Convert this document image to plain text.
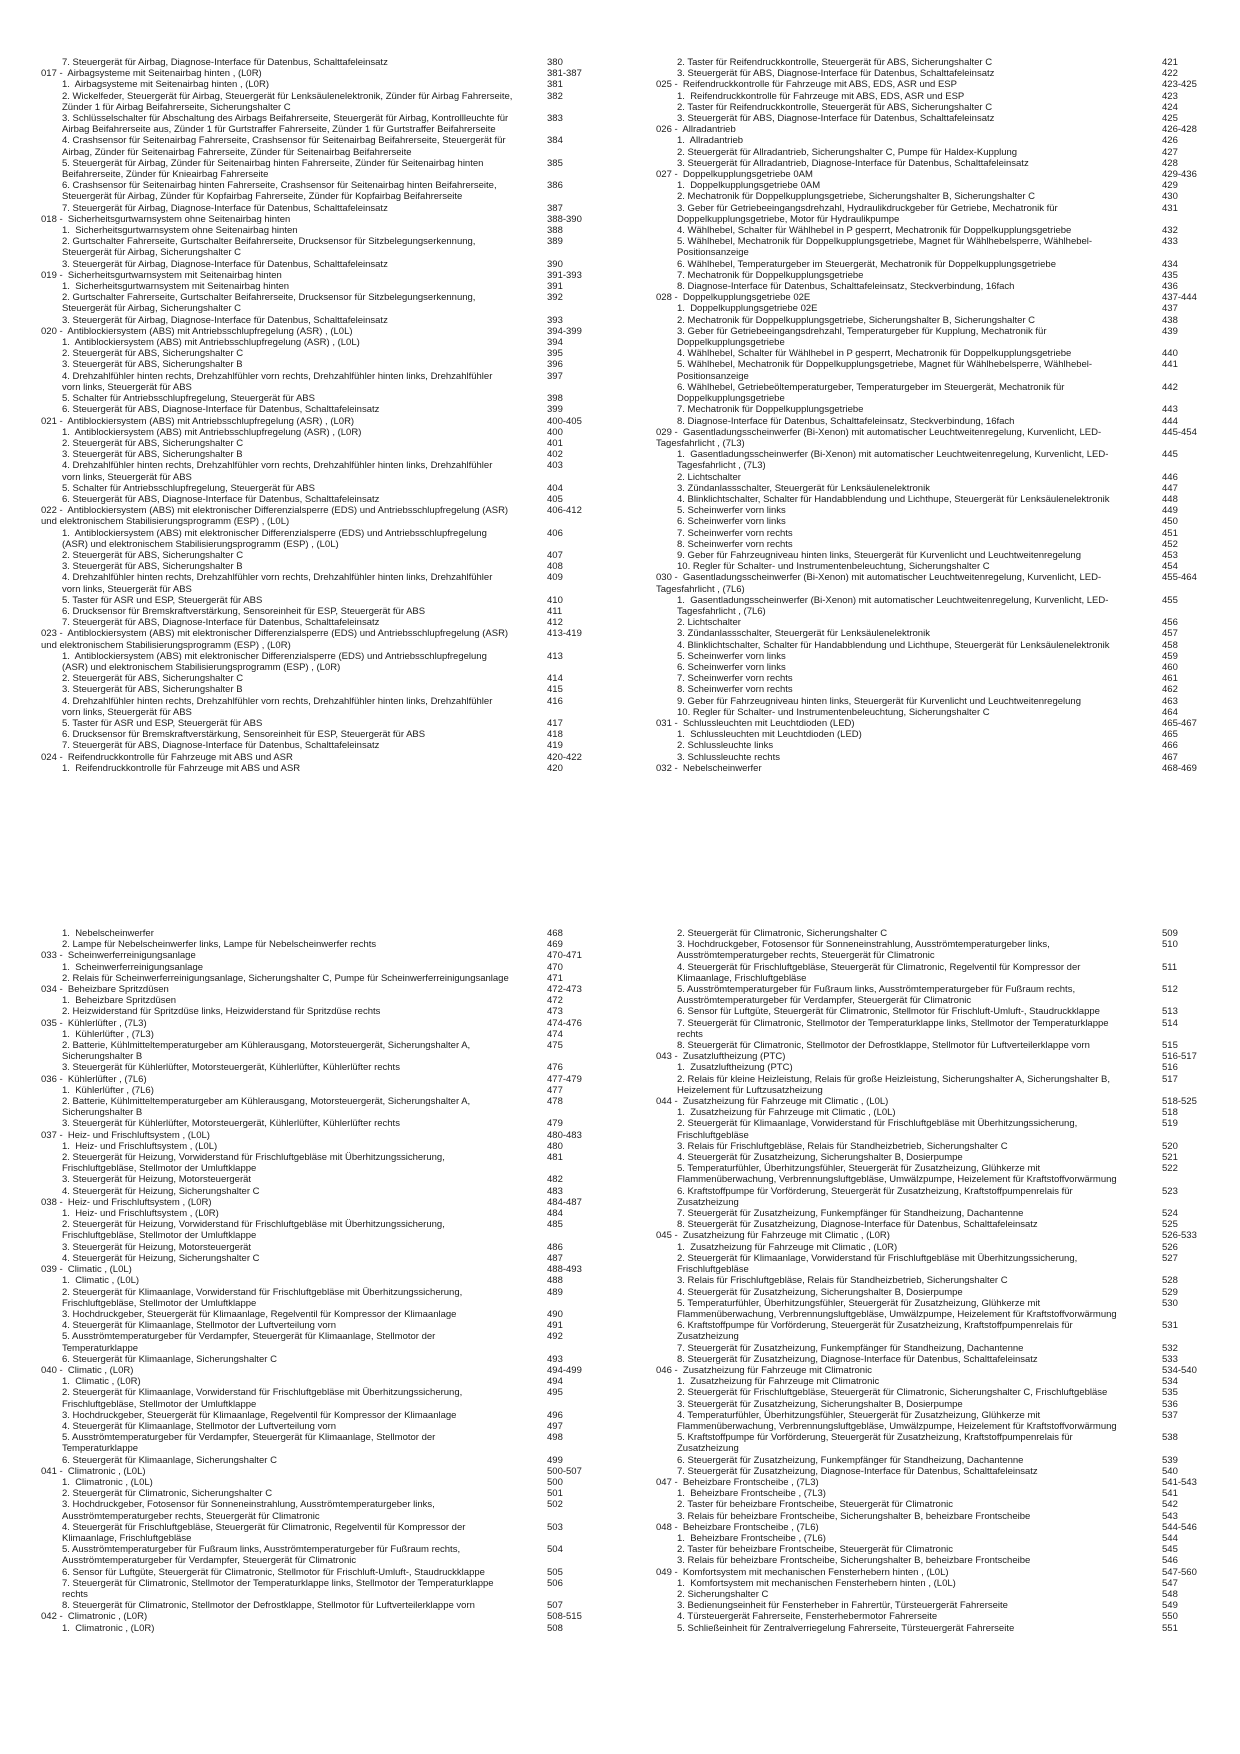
7. Steuergerät für Airbag, Diagnose-Interface für Datenbus, Schalttafeleinsatz	380
017 -  Airbagsysteme mit Seitenairbag hinten , (L0R)	381-387
1.  Airbagsysteme mit Seitenairbag hinten , (L0R)	381
2. Wickelfeder, Steuergerät für Airbag, Steuergerät für Lenksäulenelektronik, Zünder für Airbag Fahrerseite, Zünder 1 für Airbag Beifahrerseite, Sicherungshalter C
382
3. Schlüsselschalter für Abschaltung des Airbags Beifahrerseite, Steuergerät für Airbag, Kontrollleuchte für Airbag Beifahrerseite aus, Zünder 1 für Gurtstraffer Fahrerseite, Zünder 1 für Gurtstraffer Beifahrerseite
383
4. Crashsensor für Seitenairbag Fahrerseite, Crashsensor für Seitenairbag Beifahrerseite, Steuergerät für Airbag, Zünder für Seitenairbag Fahrerseite, Zünder für Seitenairbag Beifahrerseite
384
5. Steuergerät für Airbag, Zünder für Seitenairbag hinten Fahrerseite, Zünder für Seitenairbag hinten Beifahrerseite, Zünder für Knieairbag Fahrerseite
385
6. Crashsensor für Seitenairbag hinten Fahrerseite, Crashsensor für Seitenairbag hinten Beifahrerseite, Steuergerät für Airbag, Zünder für Kopfairbag Fahrerseite, Zünder für Kopfairbag Beifahrerseite
386
7. Steuergerät für Airbag, Diagnose-Interface für Datenbus, Schalttafeleinsatz	387
018 -  Sicherheitsgurtwarnsystem ohne Seitenairbag hinten	388-390
1.  Sicherheitsgurtwarnsystem ohne Seitenairbag hinten	388
2. Gurtschalter Fahrerseite, Gurtschalter Beifahrerseite, Drucksensor für Sitzbelegungserkennung, Steuergerät für Airbag, Sicherungshalter C
389
3. Steuergerät für Airbag, Diagnose-Interface für Datenbus, Schalttafeleinsatz	390
019 -  Sicherheitsgurtwarnsystem mit Seitenairbag hinten	391-393
1.  Sicherheitsgurtwarnsystem mit Seitenairbag hinten	391
2. Gurtschalter Fahrerseite, Gurtschalter Beifahrerseite, Drucksensor für Sitzbelegungserkennung, Steuergerät für Airbag, Sicherungshalter C
392
3. Steuergerät für Airbag, Diagnose-Interface für Datenbus, Schalttafeleinsatz	393
020 -  Antiblockiersystem (ABS) mit Antriebsschlupfregelung (ASR) , (L0L)	394-399
1.  Antiblockiersystem (ABS) mit Antriebsschlupfregelung (ASR) , (L0L)	394
2. Steuergerät für ABS, Sicherungshalter C	395
3. Steuergerät für ABS, Sicherungshalter B	396
4. Drehzahlfühler hinten rechts, Drehzahlfühler vorn rechts, Drehzahlfühler hinten links, Drehzahlfühler vorn links, Steuergerät für ABS
397
5. Schalter für Antriebsschlupfregelung, Steuergerät für ABS	398
6. Steuergerät für ABS, Diagnose-Interface für Datenbus, Schalttafeleinsatz	399
021 -  Antiblockiersystem (ABS) mit Antriebsschlupfregelung (ASR) , (L0R)	400-405
1.  Antiblockiersystem (ABS) mit Antriebsschlupfregelung (ASR) , (L0R)	400
2. Steuergerät für ABS, Sicherungshalter C	401
3. Steuergerät für ABS, Sicherungshalter B	402
4. Drehzahlfühler hinten rechts, Drehzahlfühler vorn rechts, Drehzahlfühler hinten links, Drehzahlfühler vorn links, Steuergerät für ABS
403
5. Schalter für Antriebsschlupfregelung, Steuergerät für ABS	404
6. Steuergerät für ABS, Diagnose-Interface für Datenbus, Schalttafeleinsatz	405
022 -  Antiblockiersystem (ABS) mit elektronischer Differenzialsperre (EDS) und Antriebsschlupfregelung (ASR) und elektronischem Stabilisierungsprogramm (ESP) , (L0L)
406-412
1.  Antiblockiersystem (ABS) mit elektronischer Differenzialsperre (EDS) und Antriebsschlupfregelung (ASR) und elektronischem Stabilisierungsprogramm (ESP) , (L0L)
406
2. Steuergerät für ABS, Sicherungshalter C	407
3. Steuergerät für ABS, Sicherungshalter B	408
4. Drehzahlfühler hinten rechts, Drehzahlfühler vorn rechts, Drehzahlfühler hinten links, Drehzahlfühler vorn links, Steuergerät für ABS
409
5. Taster für ASR und ESP, Steuergerät für ABS	410
6. Drucksensor für Bremskraftverstärkung, Sensoreinheit für ESP, Steuergerät für ABS	411
7. Steuergerät für ABS, Diagnose-Interface für Datenbus, Schalttafeleinsatz	412
023 -  Antiblockiersystem (ABS) mit elektronischer Differenzialsperre (EDS) und Antriebsschlupfregelung (ASR) und elektronischem Stabilisierungsprogramm (ESP) , (L0R)
413-419
1.  Antiblockiersystem (ABS) mit elektronischer Differenzialsperre (EDS) und Antriebsschlupfregelung (ASR) und elektronischem Stabilisierungsprogramm (ESP) , (L0R)
413
2. Steuergerät für ABS, Sicherungshalter C	414
3. Steuergerät für ABS, Sicherungshalter B	415
4. Drehzahlfühler hinten rechts, Drehzahlfühler vorn rechts, Drehzahlfühler hinten links, Drehzahlfühler vorn links, Steuergerät für ABS
416
5. Taster für ASR und ESP, Steuergerät für ABS	417
6. Drucksensor für Bremskraftverstärkung, Sensoreinheit für ESP, Steuergerät für ABS	418
7. Steuergerät für ABS, Diagnose-Interface für Datenbus, Schalttafeleinsatz	419
024 -  Reifendruckkontrolle für Fahrzeuge mit ABS und ASR	420-422
1.  Reifendruckkontrolle für Fahrzeuge mit ABS und ASR	420
2. Taster für Reifendruckkontrolle, Steuergerät für ABS, Sicherungshalter C	421
3. Steuergerät für ABS, Diagnose-Interface für Datenbus, Schalttafeleinsatz	422
025 -  Reifendruckkontrolle für Fahrzeuge mit ABS, EDS, ASR und ESP	423-425
1.  Reifendruckkontrolle für Fahrzeuge mit ABS, EDS, ASR und ESP	423
2. Taster für Reifendruckkontrolle, Steuergerät für ABS, Sicherungshalter C	424
3. Steuergerät für ABS, Diagnose-Interface für Datenbus, Schalttafeleinsatz	425
026 -  Allradantrieb	426-428
1.  Allradantrieb	426
2. Steuergerät für Allradantrieb, Sicherungshalter C, Pumpe für Haldex-Kupplung	427
3. Steuergerät für Allradantrieb, Diagnose-Interface für Datenbus, Schalttafeleinsatz	428
027 -  Doppelkupplungsgetriebe 0AM	429-436
1.  Doppelkupplungsgetriebe 0AM	429
2. Mechatronik für Doppelkupplungsgetriebe, Sicherungshalter B, Sicherungshalter C	430
3. Geber für Getriebeeingangsdrehzahl, Hydraulikdruckgeber für Getriebe, Mechatronik für Doppelkupplungsgetriebe, Motor für Hydraulikpumpe
431
4. Wählhebel, Schalter für Wählhebel in P gesperrt, Mechatronik für Doppelkupplungsgetriebe	432
5. Wählhebel, Mechatronik für Doppelkupplungsgetriebe, Magnet für Wählhebelsperre, Wählhebel-Positionsanzeige
433
6. Wählhebel, Temperaturgeber im Steuergerät, Mechatronik für Doppelkupplungsgetriebe	434
7. Mechatronik für Doppelkupplungsgetriebe	435
8. Diagnose-Interface für Datenbus, Schalttafeleinsatz, Steckverbindung, 16fach	436
028 -  Doppelkupplungsgetriebe 02E	437-444
1.  Doppelkupplungsgetriebe 02E	437
2. Mechatronik für Doppelkupplungsgetriebe, Sicherungshalter B, Sicherungshalter C	438
3. Geber für Getriebeeingangsdrehzahl, Temperaturgeber für Kupplung, Mechatronik für Doppelkupplungsgetriebe
439
4. Wählhebel, Schalter für Wählhebel in P gesperrt, Mechatronik für Doppelkupplungsgetriebe	440
5. Wählhebel, Mechatronik für Doppelkupplungsgetriebe, Magnet für Wählhebelsperre, Wählhebel-Positionsanzeige
441
6. Wählhebel, Getriebeöltemperaturgeber, Temperaturgeber im Steuergerät, Mechatronik für Doppelkupplungsgetriebe
442
7. Mechatronik für Doppelkupplungsgetriebe	443
8. Diagnose-Interface für Datenbus, Schalttafeleinsatz, Steckverbindung, 16fach	444
029 -  Gasentladungsscheinwerfer (Bi-Xenon) mit automatischer Leuchtweitenregelung, Kurvenlicht, LED-Tagesfahrlicht , (7L3)
445-454
1.  Gasentladungsscheinwerfer (Bi-Xenon) mit automatischer Leuchtweitenregelung, Kurvenlicht, LED-Tagesfahrlicht , (7L3)
445
2. Lichtschalter	446
3. Zündanlassschalter, Steuergerät für Lenksäulenelektronik	447
4. Blinklichtschalter, Schalter für Handabblendung und Lichthupe, Steuergerät für Lenksäulenelektronik	448
5. Scheinwerfer vorn links	449
6. Scheinwerfer vorn links	450
7. Scheinwerfer vorn rechts	451
8. Scheinwerfer vorn rechts	452
9. Geber für Fahrzeugniveau hinten links, Steuergerät für Kurvenlicht und Leuchtweitenregelung	453
10. Regler für Schalter- und Instrumentenbeleuchtung, Sicherungshalter C	454
030 -  Gasentladungsscheinwerfer (Bi-Xenon) mit automatischer Leuchtweitenregelung, Kurvenlicht, LED-Tagesfahrlicht , (7L6)
455-464
1.  Gasentladungsscheinwerfer (Bi-Xenon) mit automatischer Leuchtweitenregelung, Kurvenlicht, LED-Tagesfahrlicht , (7L6)
455
2. Lichtschalter	456
3. Zündanlassschalter, Steuergerät für Lenksäulenelektronik	457
4. Blinklichtschalter, Schalter für Handabblendung und Lichthupe, Steuergerät für Lenksäulenelektronik	458
5. Scheinwerfer vorn links	459
6. Scheinwerfer vorn links	460
7. Scheinwerfer vorn rechts	461
8. Scheinwerfer vorn rechts	462
9. Geber für Fahrzeugniveau hinten links, Steuergerät für Kurvenlicht und Leuchtweitenregelung	463
10. Regler für Schalter- und Instrumentenbeleuchtung, Sicherungshalter C	464
031 -  Schlussleuchten mit Leuchtdioden (LED)	465-467
1.  Schlussleuchten mit Leuchtdioden (LED)	465
2. Schlussleuchte links	466
3. Schlussleuchte rechts	467
032 -  Nebelscheinwerfer	468-469
1.  Nebelscheinwerfer	468
2. Lampe für Nebelscheinwerfer links, Lampe für Nebelscheinwerfer rechts	469
033 -  Scheinwerferreinigungsanlage	470-471
1.  Scheinwerferreinigungsanlage	470
2. Relais für Scheinwerferreinigungsanlage, Sicherungshalter C, Pumpe für Scheinwerferreinigungsanlage	471
034 -  Beheizbare Spritzdüsen	472-473
1.  Beheizbare Spritzdüsen	472
2. Heizwiderstand für Spritzdüse links, Heizwiderstand für Spritzdüse rechts	473
035 -  Kühlerlüfter , (7L3)	474-476
1.  Kühlerlüfter , (7L3)	474
2. Batterie, Kühlmitteltemperaturgeber am Kühlerausgang, Motorsteuergerät, Sicherungshalter A, Sicherungshalter B
475
3. Steuergerät für Kühlerlüfter, Motorsteuergerät, Kühlerlüfter, Kühlerlüfter rechts	476
036 -  Kühlerlüfter , (7L6)	477-479
1.  Kühlerlüfter , (7L6)	477
2. Batterie, Kühlmitteltemperaturgeber am Kühlerausgang, Motorsteuergerät, Sicherungshalter A, Sicherungshalter B
478
3. Steuergerät für Kühlerlüfter, Motorsteuergerät, Kühlerlüfter, Kühlerlüfter rechts	479
037 -  Heiz- und Frischluftsystem , (L0L)	480-483
1.  Heiz- und Frischluftsystem , (L0L)	480
2. Steuergerät für Heizung, Vorwiderstand für Frischluftgebläse mit Überhitzungssicherung, Frischluftgebläse, Stellmotor der Umluftklappe
481
3. Steuergerät für Heizung, Motorsteuergerät	482
4. Steuergerät für Heizung, Sicherungshalter C	483
038 -  Heiz- und Frischluftsystem , (L0R)	484-487
1.  Heiz- und Frischluftsystem , (L0R)	484
2. Steuergerät für Heizung, Vorwiderstand für Frischluftgebläse mit Überhitzungssicherung, Frischluftgebläse, Stellmotor der Umluftklappe
485
3. Steuergerät für Heizung, Motorsteuergerät	486
4. Steuergerät für Heizung, Sicherungshalter C	487
039 -  Climatic , (L0L)	488-493
1.  Climatic , (L0L)	488
2. Steuergerät für Klimaanlage, Vorwiderstand für Frischluftgebläse mit Überhitzungssicherung, Frischluftgebläse, Stellmotor der Umluftklappe
489
3. Hochdruckgeber, Steuergerät für Klimaanlage, Regelventil für Kompressor der Klimaanlage	490
4. Steuergerät für Klimaanlage, Stellmotor der Luftverteilung vorn	491
5. Ausströmtemperaturgeber für Verdampfer, Steuergerät für Klimaanlage, Stellmotor der Temperaturklappe
492
6. Steuergerät für Klimaanlage, Sicherungshalter C	493
040 -  Climatic , (L0R)	494-499
1.  Climatic , (L0R)	494
2. Steuergerät für Klimaanlage, Vorwiderstand für Frischluftgebläse mit Überhitzungssicherung, Frischluftgebläse, Stellmotor der Umluftklappe
495
3. Hochdruckgeber, Steuergerät für Klimaanlage, Regelventil für Kompressor der Klimaanlage	496
4. Steuergerät für Klimaanlage, Stellmotor der Luftverteilung vorn	497
5. Ausströmtemperaturgeber für Verdampfer, Steuergerät für Klimaanlage, Stellmotor der Temperaturklappe
498
6. Steuergerät für Klimaanlage, Sicherungshalter C	499
041 -  Climatronic , (L0L)	500-507
1.  Climatronic , (L0L)	500
2. Steuergerät für Climatronic, Sicherungshalter C	501
3. Hochdruckgeber, Fotosensor für Sonneneinstrahlung, Ausströmtemperaturgeber links, Ausströmtemperaturgeber rechts, Steuergerät für Climatronic
502
4. Steuergerät für Frischluftgebläse, Steuergerät für Climatronic, Regelventil für Kompressor der Klimaanlage, Frischluftgebläse
503
5. Ausströmtemperaturgeber für Fußraum links, Ausströmtemperaturgeber für Fußraum rechts, Ausströmtemperaturgeber für Verdampfer, Steuergerät für Climatronic
504
6. Sensor für Luftgüte, Steuergerät für Climatronic, Stellmotor für Frischluft-Umluft-, Staudruckklappe	505
7. Steuergerät für Climatronic, Stellmotor der Temperaturklappe links, Stellmotor der Temperaturklappe rechts
506
8. Steuergerät für Climatronic, Stellmotor der Defrostklappe, Stellmotor für Luftverteilerklappe vorn	507
042 -  Climatronic , (L0R)	508-515
1.  Climatronic , (L0R)	508
2. Steuergerät für Climatronic, Sicherungshalter C	509
3. Hochdruckgeber, Fotosensor für Sonneneinstrahlung, Ausströmtemperaturgeber links, Ausströmtemperaturgeber rechts, Steuergerät für Climatronic
510
4. Steuergerät für Frischluftgebläse, Steuergerät für Climatronic, Regelventil für Kompressor der Klimaanlage, Frischluftgebläse
511
5. Ausströmtemperaturgeber für Fußraum links, Ausströmtemperaturgeber für Fußraum rechts, Ausströmtemperaturgeber für Verdampfer, Steuergerät für Climatronic
512
6. Sensor für Luftgüte, Steuergerät für Climatronic, Stellmotor für Frischluft-Umluft-, Staudruckklappe	513
7. Steuergerät für Climatronic, Stellmotor der Temperaturklappe links, Stellmotor der Temperaturklappe rechts
514
8. Steuergerät für Climatronic, Stellmotor der Defrostklappe, Stellmotor für Luftverteilerklappe vorn	515
043 -  Zusatzluftheizung (PTC)	516-517
1.  Zusatzluftheizung (PTC)	516
2. Relais für kleine Heizleistung, Relais für große Heizleistung, Sicherungshalter A, Sicherungshalter B, Heizelement für Luftzusatzheizung
517
044 -  Zusatzheizung für Fahrzeuge mit Climatic , (L0L)	518-525
1.  Zusatzheizung für Fahrzeuge mit Climatic , (L0L)	518
2. Steuergerät für Klimaanlage, Vorwiderstand für Frischluftgebläse mit Überhitzungssicherung, Frischluftgebläse
519
3. Relais für Frischluftgebläse, Relais für Standheizbetrieb, Sicherungshalter C	520
4. Steuergerät für Zusatzheizung, Sicherungshalter B, Dosierpumpe	521
5. Temperaturfühler, Überhitzungsfühler, Steuergerät für Zusatzheizung, Glühkerze mit Flammenüberwachung, Verbrennungsluftgebläse, Umwälzpumpe, Heizelement für Kraftstoffvorwärmung
522
6. Kraftstoffpumpe für Vorförderung, Steuergerät für Zusatzheizung, Kraftstoffpumpenrelais für Zusatzheizung
523
7. Steuergerät für Zusatzheizung, Funkempfänger für Standheizung, Dachantenne	524
8. Steuergerät für Zusatzheizung, Diagnose-Interface für Datenbus, Schalttafeleinsatz	525
045 -  Zusatzheizung für Fahrzeuge mit Climatic , (L0R)	526-533
1.  Zusatzheizung für Fahrzeuge mit Climatic , (L0R)	526
2. Steuergerät für Klimaanlage, Vorwiderstand für Frischluftgebläse mit Überhitzungssicherung, Frischluftgebläse
527
3. Relais für Frischluftgebläse, Relais für Standheizbetrieb, Sicherungshalter C	528
4. Steuergerät für Zusatzheizung, Sicherungshalter B, Dosierpumpe	529
5. Temperaturfühler, Überhitzungsfühler, Steuergerät für Zusatzheizung, Glühkerze mit Flammenüberwachung, Verbrennungsluftgebläse, Umwälzpumpe, Heizelement für Kraftstoffvorwärmung
530
6. Kraftstoffpumpe für Vorförderung, Steuergerät für Zusatzheizung, Kraftstoffpumpenrelais für Zusatzheizung
531
7. Steuergerät für Zusatzheizung, Funkempfänger für Standheizung, Dachantenne	532
8. Steuergerät für Zusatzheizung, Diagnose-Interface für Datenbus, Schalttafeleinsatz	533
046 -  Zusatzheizung für Fahrzeuge mit Climatronic	534-540
1.  Zusatzheizung für Fahrzeuge mit Climatronic	534
2. Steuergerät für Frischluftgebläse, Steuergerät für Climatronic, Sicherungshalter C, Frischluftgebläse	535
3. Steuergerät für Zusatzheizung, Sicherungshalter B, Dosierpumpe	536
4. Temperaturfühler, Überhitzungsfühler, Steuergerät für Zusatzheizung, Glühkerze mit Flammenüberwachung, Verbrennungsluftgebläse, Umwälzpumpe, Heizelement für Kraftstoffvorwärmung
537
5. Kraftstoffpumpe für Vorförderung, Steuergerät für Zusatzheizung, Kraftstoffpumpenrelais für Zusatzheizung
538
6. Steuergerät für Zusatzheizung, Funkempfänger für Standheizung, Dachantenne	539
7. Steuergerät für Zusatzheizung, Diagnose-Interface für Datenbus, Schalttafeleinsatz	540
047 -  Beheizbare Frontscheibe , (7L3)	541-543
1.  Beheizbare Frontscheibe , (7L3)	541
2. Taster für beheizbare Frontscheibe, Steuergerät für Climatronic	542
3. Relais für beheizbare Frontscheibe, Sicherungshalter B, beheizbare Frontscheibe	543
048 -  Beheizbare Frontscheibe , (7L6)	544-546
1.  Beheizbare Frontscheibe , (7L6)	544
2. Taster für beheizbare Frontscheibe, Steuergerät für Climatronic	545
3. Relais für beheizbare Frontscheibe, Sicherungshalter B, beheizbare Frontscheibe	546
049 -  Komfortsystem mit mechanischen Fensterhebern hinten , (L0L)	547-560
1.  Komfortsystem mit mechanischen Fensterhebern hinten , (L0L)	547
2. Sicherungshalter C	548
3. Bedienungseinheit für Fensterheber in Fahrertür, Türsteuergerät Fahrerseite	549
4. Türsteuergerät Fahrerseite, Fensterhebermotor Fahrerseite	550
5. Schließeinheit für Zentralverriegelung Fahrerseite, Türsteuergerät Fahrerseite	551
